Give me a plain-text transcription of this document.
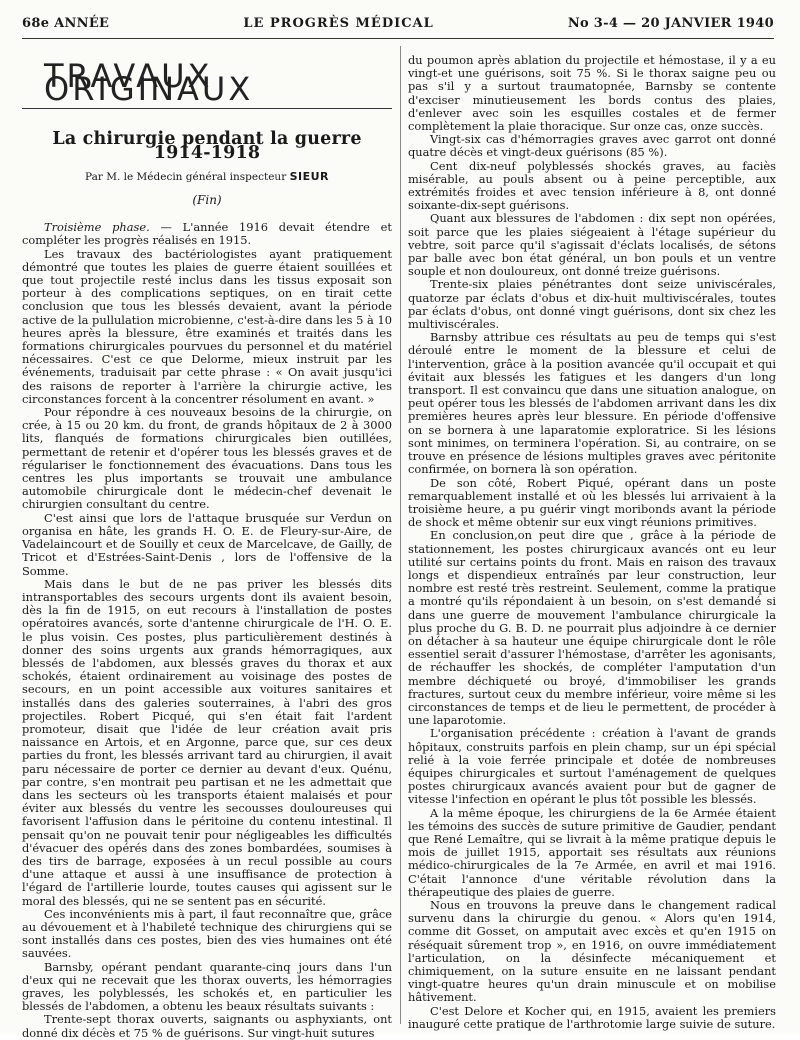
68e ANNÉE	LE PROGRÈS MÉDICAL	No 3-4 — 20 JANVIER 1940
TRAVAUX ORIGINAUX
La chirurgie pendant la guerre 1914-1918
Par M. le Médecin général inspecteur SIEUR
(Fin)

Troisième phase. — L'année 1916 devait étendre et compléter les progrès réalisés en 1915.

Les travaux des bactériologistes ayant pratiquement démontré que toutes les plaies de guerre étaient souillées et que tout projectile resté inclus dans les tissus exposait son porteur à des complications septiques, on en tirait cette conclusion que tous les blessés devaient, avant la période active de la pullulation microbienne, c'est-à-dire dans les 5 à 10 heures après la blessure, être examinés et traités dans les formations chirurgicales pourvues du personnel et du matériel nécessaires. C'est ce que Delorme, mieux instruit par les événements, traduisait par cette phrase : « On avait jusqu'ici des raisons de reporter à l'arrière la chirurgie active, les circonstances forcent à la concentrer résolument en avant. »

Pour répondre à ces nouveaux besoins de la chirurgie, on crée, à 15 ou 20 km. du front, de grands hôpitaux de 2 à 3000 lits, flanqués de formations chirurgicales bien outillées, permettant de retenir et d'opérer tous les blessés graves et de régulariser le fonctionnement des évacuations. Dans tous les centres les plus importants se trouvait une ambulance automobile chirurgicale dont le médecin-chef devenait le chirurgien consultant du centre.

C'est ainsi que lors de l'attaque brusquée sur Verdun on organisa en hâte, les grands H. O. E. de Fleury-sur-Aire, de Vadelaincourt et de Souilly et ceux de Marcelcave, de Gailly, de Tricot et d'Estrées-Saint-Denis , lors de l'offensive de la Somme.

Mais dans le but de ne pas priver les blessés dits intransportables des secours urgents dont ils avaient besoin, dès la fin de 1915, on eut recours à l'installation de postes opératoires avancés, sorte d'antenne chirurgicale de l'H. O. E. le plus voisin. Ces postes, plus particulièrement destinés à donner des soins urgents aux grands hémorragiques, aux blessés de l'abdomen, aux blessés graves du thorax et aux schokés, étaient ordinairement au voisinage des postes de secours, en un point accessible aux voitures sanitaires et installés dans des galeries souterraines, à l'abri des gros projectiles. Robert Picqué, qui s'en était fait l'ardent promoteur, disait que l'idée de leur création avait pris naissance en Artois, et en Argonne, parce que, sur ces deux parties du front, les blessés arrivant tard au chirurgien, il avait paru nécessaire de porter ce dernier au devant d'eux. Quénu, par contre, s'en montrait peu partisan et ne les admettait que dans les secteurs où les transports étaient malaisés et pour éviter aux blessés du ventre les secousses douloureuses qui favorisent l'affusion dans le péritoine du contenu intestinal. Il pensait qu'on ne pouvait tenir pour négligeables les difficultés d'évacuer des opérés dans des zones bombardées, soumises à des tirs de barrage, exposées à un recul possible au cours d'une attaque et aussi à une insuffisance de protection à l'égard de l'artillerie lourde, toutes causes qui agissent sur le moral des blessés, qui ne se sentent pas en sécurité.

Ces inconvénients mis à part, il faut reconnaître que, grâce au dévouement et à l'habileté technique des chirurgiens qui se sont installés dans ces postes, bien des vies humaines ont été sauvées.

Barnsby, opérant pendant quarante-cinq jours dans l'un d'eux qui ne recevait que les thorax ouverts, les hémorragies graves, les polyblessés, les schokés et, en particulier les blessés de l'abdomen, a obtenu les beaux résultats suivants :

Trente-sept thorax ouverts, saignants ou asphyxiants, ont donné dix décès et 75 % de guérisons. Sur vingt-huit sutures

du poumon après ablation du projectile et hémostase, il y a eu vingt-et une guérisons, soit 75 %. Si le thorax saigne peu ou pas s'il y a surtout traumatopnée, Barnsby se contente d'exciser minutieusement les bords contus des plaies, d'enlever avec soin les esquilles costales et de fermer complètement la plaie thoracique. Sur onze cas, onze succès.

Vingt-six cas d'hémorragies graves avec garrot ont donné quatre décès et vingt-deux guérisons (85 %).

Cent dix-neuf polyblessés shockés graves, au faciès misérable, au pouls absent ou à peine perceptible, aux extrémités froides et avec tension inférieure à 8, ont donné soixante-dix-sept guérisons.

Quant aux blessures de l'abdomen : dix sept non opérées, soit parce que les plaies siégeaient à l'étage supérieur du vebtre, soit parce qu'il s'agissait d'éclats localisés, de sétons par balle avec bon état général, un bon pouls et un ventre souple et non douloureux, ont donné treize guérisons.

Trente-six plaies pénétrantes dont seize univiscérales, quatorze par éclats d'obus et dix-huit multiviscérales, toutes par éclats d'obus, ont donné vingt guérisons, dont six chez les multiviscérales.

Barnsby attribue ces résultats au peu de temps qui s'est déroulé entre le moment de la blessure et celui de l'intervention, grâce à la position avancée qu'il occupait et qui évitait aux blessés les fatigues et les dangers d'un long transport. Il est convaincu que dans une situation analogue, on peut opérer tous les blessés de l'abdomen arrivant dans les dix premières heures après leur blessure. En période d'offensive on se bornera à une laparatomie exploratrice. Si les lésions sont minimes, on terminera l'opération. Si, au contraire, on se trouve en présence de lésions multiples graves avec péritonite confirmée, on bornera là son opération.

De son côté, Robert Piqué, opérant dans un poste remarquablement installé et où les blessés lui arrivaient à la troisième heure, a pu guérir vingt moribonds avant la période de shock et même obtenir sur eux vingt réunions primitives.

En conclusion,on peut dire que , grâce à la période de stationnement, les postes chirurgicaux avancés ont eu leur utilité sur certains points du front. Mais en raison des travaux longs et dispendieux entraînés par leur construction, leur nombre est resté très restreint. Seulement, comme la pratique a montré qu'ils répondaient à un besoin, on s'est demandé si dans une guerre de mouvement l'ambulance chirurgicale la plus proche du G. B. D. ne pourrait plus adjoindre à ce dernier on détacher à sa hauteur une équipe chirurgicale dont le rôle essentiel serait d'assurer l'hémostase, d'arrêter les agonisants, de réchauffer les shockés, de compléter l'amputation d'un membre déchiqueté ou broyé, d'immobiliser les grands fractures, surtout ceux du membre inférieur, voire même si les circonstances de temps et de lieu le permettent, de procéder à une laparotomie.

L'organisation précédente : création à l'avant de grands hôpitaux, construits parfois en plein champ, sur un épi spécial relié à la voie ferrée principale et dotée de nombreuses équipes chirurgicales et surtout l'aménagement de quelques postes chirurgicaux avancés avaient pour but de gagner de vitesse l'infection en opérant le plus tôt possible les blessés.

A la même époque, les chirurgiens de la 6e Armée étaient les témoins des succès de suture primitive de Gaudier, pendant que René Lemaître, qui se livrait à la même pratique depuis le mois de juillet 1915, apportait ses résultats aux réunions médico-chirurgicales de la 7e Armée, en avril et mai 1916. C'était l'annonce d'une véritable révolution dans la thérapeutique des plaies de guerre.

Nous en trouvons la preuve dans le changement radical survenu dans la chirurgie du genou. « Alors qu'en 1914, comme dit Gosset, on amputait avec excès et qu'en 1915 on réséquait sûrement trop », en 1916, on ouvre immédiatement l'articulation, on la désinfecte mécaniquement et chimiquement, on la suture ensuite en ne laissant pendant vingt-quatre heures qu'un drain minuscule et on mobilise hâtivement.

C'est Delore et Kocher qui, en 1915, avaient les premiers inauguré cette pratique de l'arthrotomie large suivie de suture.
